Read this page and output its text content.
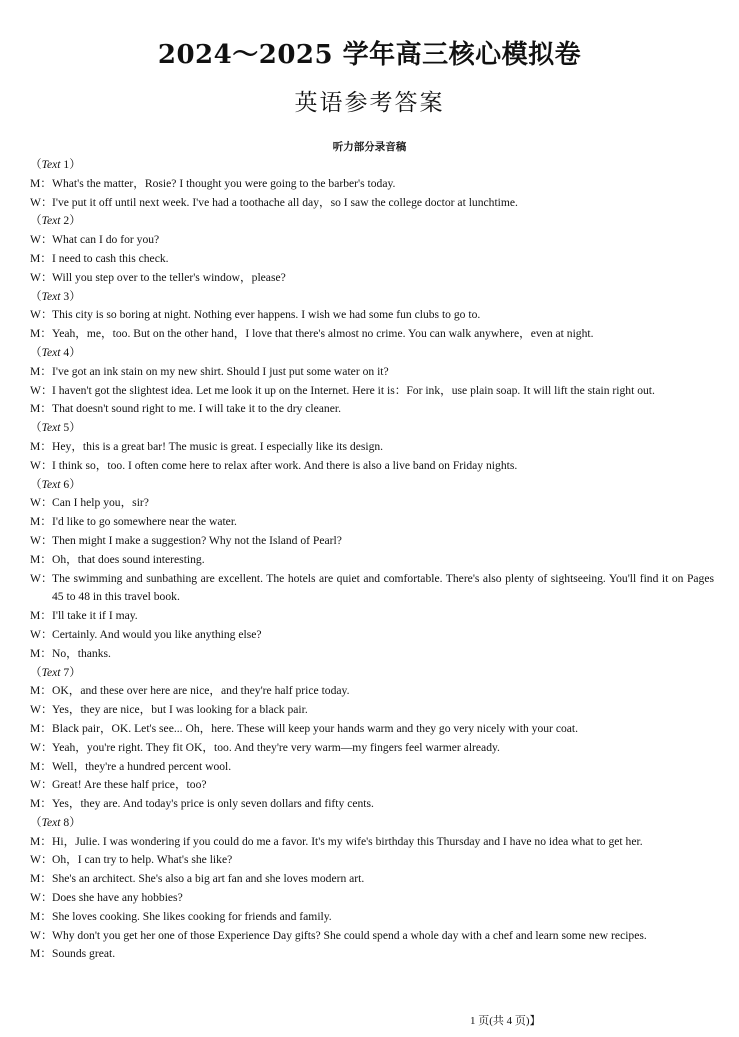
2024～2025 学年高三核心模拟卷
英语参考答案
听力部分录音稿
（Text 1）
M： What's the matter，Rosie? I thought you were going to the barber's today.
W： I've put it off until next week. I've had a toothache all day，so I saw the college doctor at lunchtime.
（Text 2）
W： What can I do for you?
M： I need to cash this check.
W： Will you step over to the teller's window，please?
（Text 3）
W： This city is so boring at night. Nothing ever happens. I wish we had some fun clubs to go to.
M： Yeah，me，too. But on the other hand，I love that there's almost no crime. You can walk anywhere，even at night.
（Text 4）
M： I've got an ink stain on my new shirt. Should I just put some water on it?
W： I haven't got the slightest idea. Let me look it up on the Internet. Here it is：For ink，use plain soap. It will lift the stain right out.
M： That doesn't sound right to me. I will take it to the dry cleaner.
（Text 5）
M： Hey，this is a great bar! The music is great. I especially like its design.
W： I think so，too. I often come here to relax after work. And there is also a live band on Friday nights.
（Text 6）
W： Can I help you，sir?
M： I'd like to go somewhere near the water.
W： Then might I make a suggestion? Why not the Island of Pearl?
M： Oh，that does sound interesting.
W： The swimming and sunbathing are excellent. The hotels are quiet and comfortable. There's also plenty of sightseeing. You'll find it on Pages 45 to 48 in this travel book.
M： I'll take it if I may.
W： Certainly. And would you like anything else?
M： No，thanks.
（Text 7）
M： OK，and these over here are nice，and they're half price today.
W： Yes，they are nice，but I was looking for a black pair.
M： Black pair，OK. Let's see... Oh，here. These will keep your hands warm and they go very nicely with your coat.
W： Yeah，you're right. They fit OK，too. And they're very warm—my fingers feel warmer already.
M： Well，they're a hundred percent wool.
W： Great! Are these half price，too?
M： Yes，they are. And today's price is only seven dollars and fifty cents.
（Text 8）
M： Hi，Julie. I was wondering if you could do me a favor. It's my wife's birthday this Thursday and I have no idea what to get her.
W： Oh，I can try to help. What's she like?
M： She's an architect. She's also a big art fan and she loves modern art.
W： Does she have any hobbies?
M： She loves cooking. She likes cooking for friends and family.
W： Why don't you get her one of those Experience Day gifts? She could spend a whole day with a chef and learn some new recipes.
M： Sounds great.
1 页(共 4 页)】
